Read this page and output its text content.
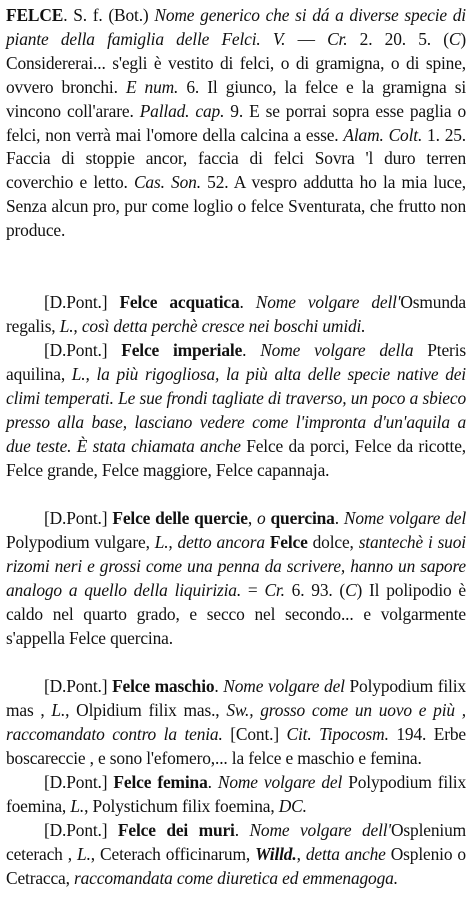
FELCE. S. f. (Bot.) Nome generico che si dá a diverse specie di piante della famiglia delle Felci. V. — Cr. 2. 20. 5. (C) Considererai... s'egli è vestito di felci, o di gramigna, o di spine, ovvero bronchi. E num. 6. Il giunco, la felce e la gramigna si vincono coll'arare. Pallad. cap. 9. E se porrai sopra esse paglia o felci, non verrà mai l'omore della calcina a esse. Alam. Colt. 1. 25. Faccia di stoppie ancor, faccia di felci Sovra 'l duro terren coverchio e letto. Cas. Son. 52. A vespro addutta ho la mia luce, Senza alcun pro, pur come loglio o felce Sventurata, che frutto non produce.

[D.Pont.] Felce acquatica. Nome volgare dell'Osmunda regalis, L., così detta perchè cresce nei boschi umidi.

[D.Pont.] Felce imperiale. Nome volgare della Pteris aquilina, L., la più rigogliosa, la più alta delle specie native dei climi temperati. Le sue frondi tagliate di traverso, un poco a sbieco presso alla base, lasciano vedere come l'impronta d'un'aquila a due teste. È stata chiamata anche Felce da porci, Felce da ricotte, Felce grande, Felce maggiore, Felce capannaja.

[D.Pont.] Felce delle quercie, o quercina. Nome volgare del Polypodium vulgare, L., detto ancora Felce dolce, stantechè i suoi rizomi neri e grossi come una penna da scrivere, hanno un sapore analogo a quello della liquirizia. = Cr. 6. 93. (C) Il polipodio è caldo nel quarto grado, e secco nel secondo... e volgarmente s'appella Felce quercina.

[D.Pont.] Felce maschio. Nome volgare del Polypodium filix mas , L., Olpidium filix mas., Sw., grosso come un uovo e più , raccomandato contro la tenia. [Cont.] Cit. Tipocosm. 194. Erbe boscareccie , e sono l'efomero,... la felce e maschio e femina.

[D.Pont.] Felce femina. Nome volgare del Polypodium filix foemina, L., Polystichum filix foemina, DC.

[D.Pont.] Felce dei muri. Nome volgare dell'Osplenium ceterach , L., Ceterach officinarum, Willd., detta anche Osplenio o Cetracca, raccomandata come diuretica ed emmenagoga.
